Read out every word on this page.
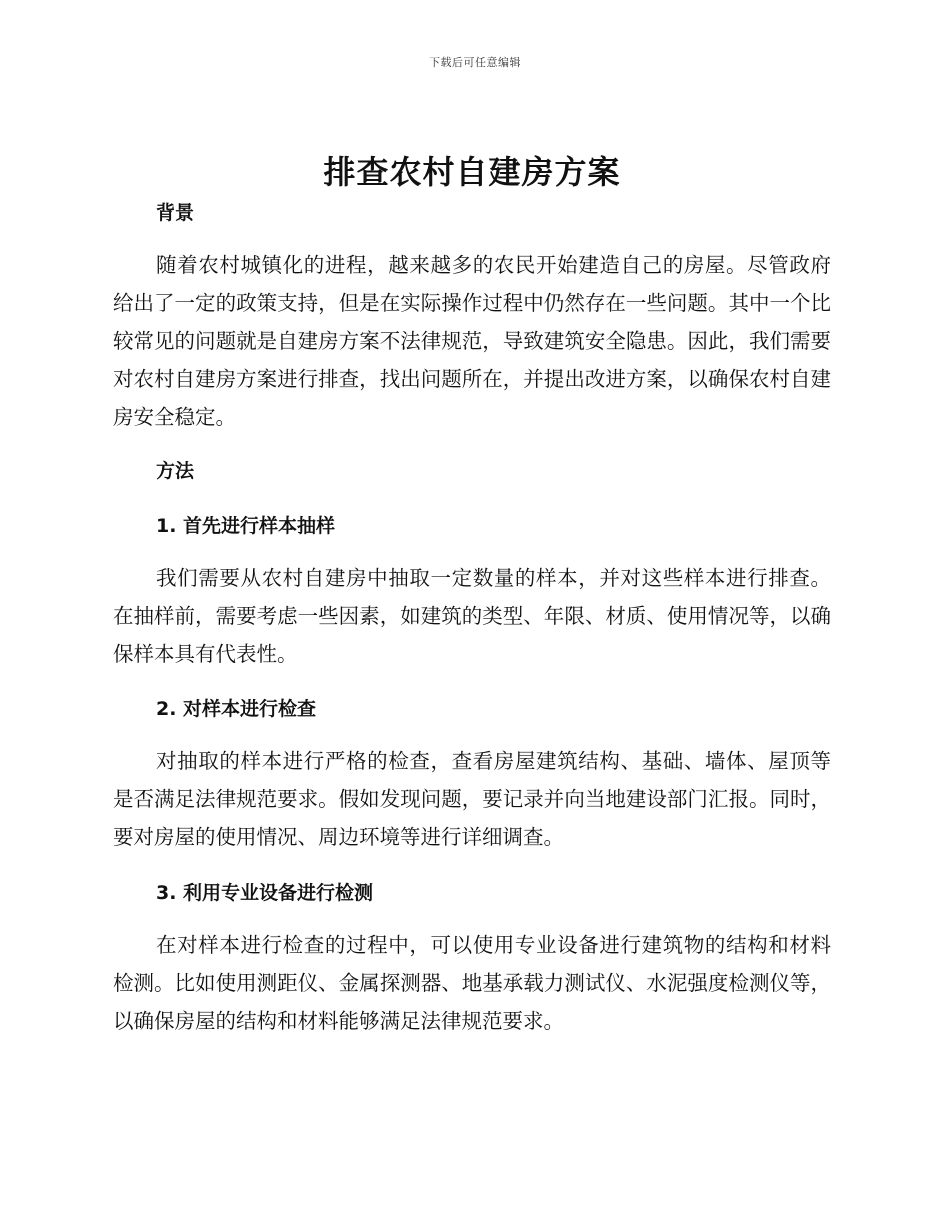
下载后可任意编辑
排查农村自建房方案
背景

随着农村城镇化的进程，越来越多的农民开始建造自己的房屋。尽管政府给出了一定的政策支持，但是在实际操作过程中仍然存在一些问题。其中一个比较常见的问题就是自建房方案不法律规范，导致建筑安全隐患。因此，我们需要对农村自建房方案进行排查，找出问题所在，并提出改进方案，以确保农村自建房安全稳定。

方法
1. 首先进行样本抽样

我们需要从农村自建房中抽取一定数量的样本，并对这些样本进行排查。在抽样前，需要考虑一些因素，如建筑的类型、年限、材质、使用情况等，以确保样本具有代表性。

2. 对样本进行检查

对抽取的样本进行严格的检查，查看房屋建筑结构、基础、墙体、屋顶等是否满足法律规范要求。假如发现问题，要记录并向当地建设部门汇报。同时，要对房屋的使用情况、周边环境等进行详细调查。

3. 利用专业设备进行检测

在对样本进行检查的过程中，可以使用专业设备进行建筑物的结构和材料检测。比如使用测距仪、金属探测器、地基承载力测试仪、水泥强度检测仪等，以确保房屋的结构和材料能够满足法律规范要求。
